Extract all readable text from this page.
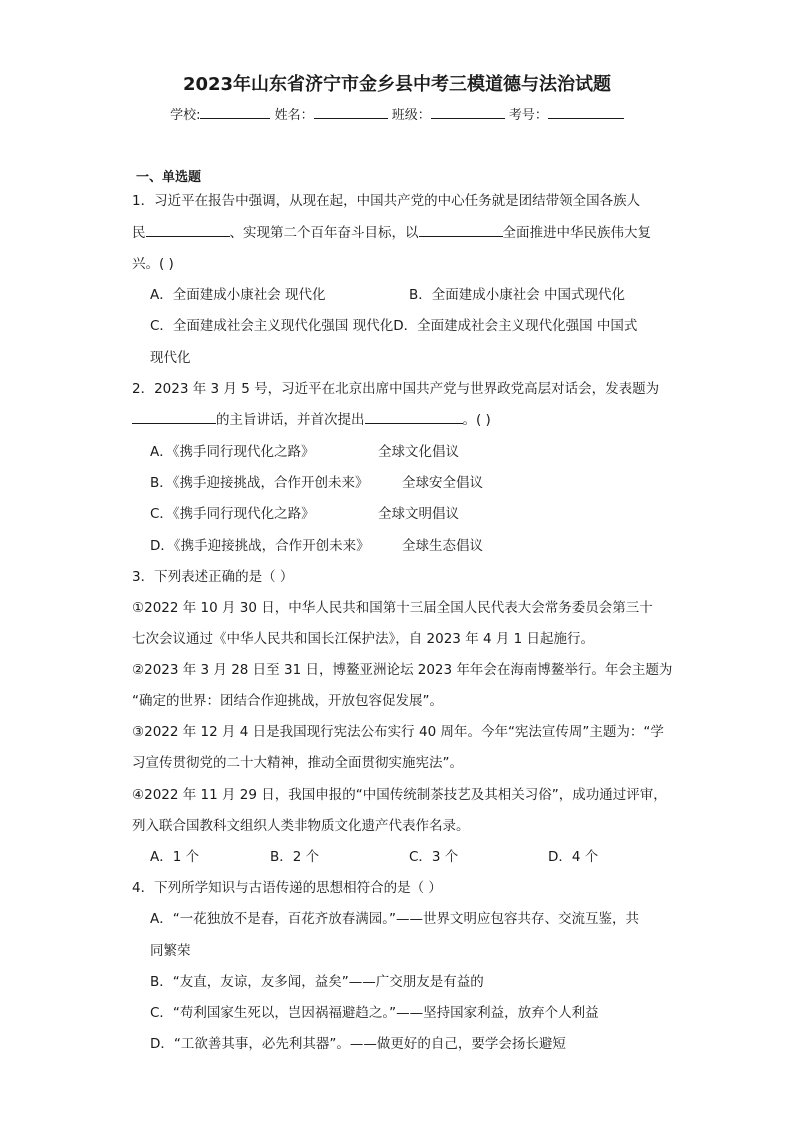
2023年山东省济宁市金乡县中考三模道德与法治试题
学校:	姓名：	班级：	考号：
一、单选题
1．习近平在报告中强调，从现在起，中国共产党的中心任务就是团结带领全国各族人
民	、实现第二个百年奋斗目标，以	全面推进中华民族伟大复
兴。( )
A．全面建成小康社会 现代化	B．全面建成小康社会 中国式现代化
C．全面建成社会主义现代化强国 现代化D．全面建成社会主义现代化强国 中国式
现代化
2．2023 年 3 月 5 号，习近平在北京出席中国共产党与世界政党高层对话会，发表题为
的主旨讲话，并首次提出	。( )
A．《携手同行现代化之路》	全球文化倡议
B．《携手迎接挑战，合作开创未来》 全球安全倡议
C．《携手同行现代化之路》	全球文明倡议
D．《携手迎接挑战，合作开创未来》 全球生态倡议
3．下列表述正确的是（ ）
①2022 年 10 月 30 日，中华人民共和国第十三届全国人民代表大会常务委员会第三十
七次会议通过《中华人民共和国长江保护法》，自 2023 年 4 月 1 日起施行。
②2023 年 3 月 28 日至 31 日，博鳌亚洲论坛 2023 年年会在海南博鳌举行。年会主题为
“确定的世界：团结合作迎挑战，开放包容促发展”。
③2022 年 12 月 4 日是我国现行宪法公布实行 40 周年。今年“宪法宣传周”主题为：“学
习宣传贯彻党的二十大精神，推动全面贯彻实施宪法”。
④2022 年 11 月 29 日，我国申报的“中国传统制茶技艺及其相关习俗”，成功通过评审，
列入联合国教科文组织人类非物质文化遗产代表作名录。
A．1 个	B．2 个	C．3 个	D．4 个
4．下列所学知识与古语传递的思想相符合的是（ ）
A．“一花独放不是春，百花齐放春满园。”——世界文明应包容共存、交流互鉴，共
同繁荣
B．“友直，友谅，友多闻，益矣”——广交朋友是有益的
C．“苟利国家生死以，岂因祸福避趋之。”——坚持国家利益，放弃个人利益
D．“工欲善其事，必先利其器”。——做更好的自己，要学会扬长避短
